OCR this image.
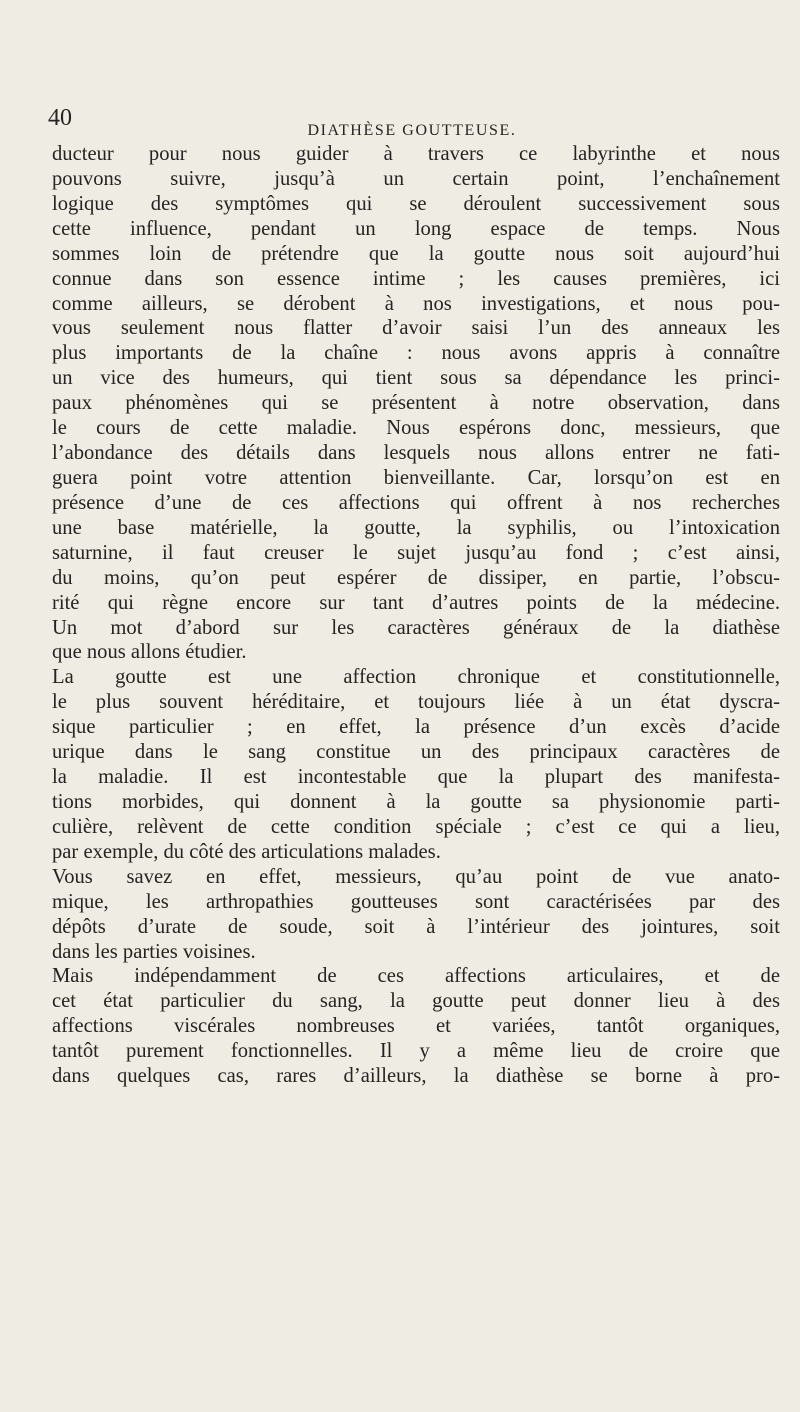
40	DIATHÈSE GOUTTEUSE.
ducteur pour nous guider à travers ce labyrinthe et nous
pouvons suivre, jusqu’à un certain point, l’enchaînement
logique des symptômes qui se déroulent successivement sous
cette influence, pendant un long espace de temps. Nous
sommes loin de prétendre que la goutte nous soit aujourd’hui
connue dans son essence intime ; les causes premières, ici
comme ailleurs, se dérobent à nos investigations, et nous pou-
vous seulement nous flatter d’avoir saisi l’un des anneaux les
plus importants de la chaîne : nous avons appris à connaître
un vice des humeurs, qui tient sous sa dépendance les princi-
paux phénomènes qui se présentent à notre observation, dans
le cours de cette maladie. Nous espérons donc, messieurs, que
l’abondance des détails dans lesquels nous allons entrer ne fati-
guera point votre attention bienveillante. Car, lorsqu’on est en
présence d’une de ces affections qui offrent à nos recherches
une base matérielle, la goutte, la syphilis, ou l’intoxication
saturnine, il faut creuser le sujet jusqu’au fond ; c’est ainsi,
du moins, qu’on peut espérer de dissiper, en partie, l’obscu-
rité qui règne encore sur tant d’autres points de la médecine.
Un mot d’abord sur les caractères généraux de la diathèse
que nous allons étudier.
La goutte est une affection chronique et constitutionnelle,
le plus souvent héréditaire, et toujours liée à un état dyscra-
sique particulier ; en effet, la présence d’un excès d’acide
urique dans le sang constitue un des principaux caractères de
la maladie. Il est incontestable que la plupart des manifesta-
tions morbides, qui donnent à la goutte sa physionomie parti-
culière, relèvent de cette condition spéciale ; c’est ce qui a lieu,
par exemple, du côté des articulations malades.
Vous savez en effet, messieurs, qu’au point de vue anato-
mique, les arthropathies goutteuses sont caractérisées par des
dépôts d’urate de soude, soit à l’intérieur des jointures, soit
dans les parties voisines.
Mais indépendamment de ces affections articulaires, et de
cet état particulier du sang, la goutte peut donner lieu à des
affections viscérales nombreuses et variées, tantôt organiques,
tantôt purement fonctionnelles. Il y a même lieu de croire que
dans quelques cas, rares d’ailleurs, la diathèse se borne à pro-
